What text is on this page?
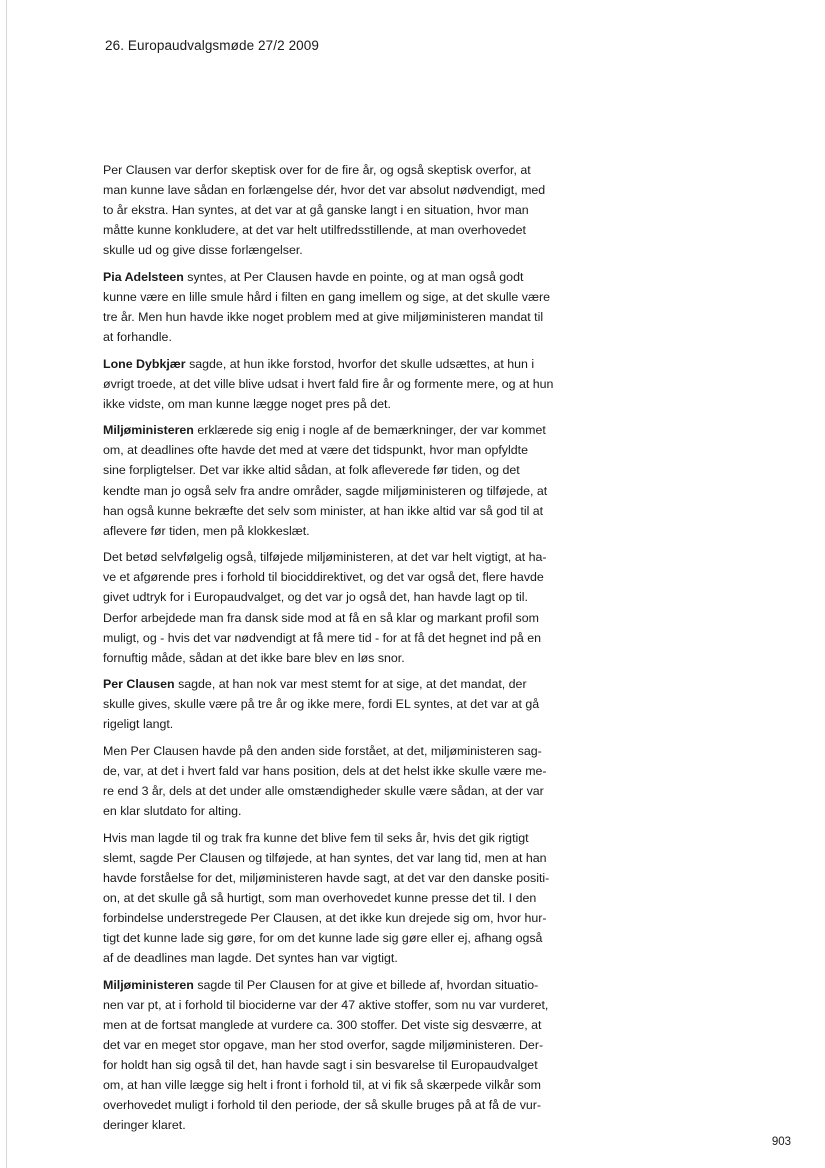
26. Europaudvalgsmøde 27/2 2009

Per Clausen var derfor skeptisk over for de fire år, og også skeptisk overfor, at
man kunne lave sådan en forlængelse dér, hvor det var absolut nødvendigt, med
to år ekstra. Han syntes, at det var at gå ganske langt i en situation, hvor man
måtte kunne konkludere, at det var helt utilfredsstillende, at man overhovedet
skulle ud og give disse forlængelser.

Pia Adelsteen syntes, at Per Clausen havde en pointe, og at man også godt
kunne være en lille smule hård i filten en gang imellem og sige, at det skulle være
tre år. Men hun havde ikke noget problem med at give miljøministeren mandat til
at forhandle.

Lone Dybkjær sagde, at hun ikke forstod, hvorfor det skulle udsættes, at hun i
øvrigt troede, at det ville blive udsat i hvert fald fire år og formente mere, og at hun
ikke vidste, om man kunne lægge noget pres på det.

Miljøministeren erklærede sig enig i nogle af de bemærkninger, der var kommet
om, at deadlines ofte havde det med at være det tidspunkt, hvor man opfyldte
sine forpligtelser. Det var ikke altid sådan, at folk afleverede før tiden, og det
kendte man jo også selv fra andre områder, sagde miljøministeren og tilføjede, at
han også kunne bekræfte det selv som minister, at han ikke altid var så god til at
aflevere før tiden, men på klokkeslæt.

Det betød selvfølgelig også, tilføjede miljøministeren, at det var helt vigtigt, at ha-
ve et afgørende pres i forhold til biociddirektivet, og det var også det, flere havde
givet udtryk for i Europaudvalget, og det var jo også det, han havde lagt op til.
Derfor arbejdede man fra dansk side mod at få en så klar og markant profil som
muligt, og - hvis det var nødvendigt at få mere tid - for at få det hegnet ind på en
fornuftig måde, sådan at det ikke bare blev en løs snor.

Per Clausen sagde, at han nok var mest stemt for at sige, at det mandat, der
skulle gives, skulle være på tre år og ikke mere, fordi EL syntes, at det var at gå
rigeligt langt.

Men Per Clausen havde på den anden side forstået, at det, miljøministeren sag-
de, var, at det i hvert fald var hans position, dels at det helst ikke skulle være me-
re end 3 år, dels at det under alle omstændigheder skulle være sådan, at der var
en klar slutdato for alting.

Hvis man lagde til og trak fra kunne det blive fem til seks år, hvis det gik rigtigt
slemt, sagde Per Clausen og tilføjede, at han syntes, det var lang tid, men at han
havde forståelse for det, miljøministeren havde sagt, at det var den danske positi-
on, at det skulle gå så hurtigt, som man overhovedet kunne presse det til. I den
forbindelse understregede Per Clausen, at det ikke kun drejede sig om, hvor hur-
tigt det kunne lade sig gøre, for om det kunne lade sig gøre eller ej, afhang også
af de deadlines man lagde. Det syntes han var vigtigt.

Miljøministeren sagde til Per Clausen for at give et billede af, hvordan situatio-
nen var pt, at i forhold til biociderne var der 47 aktive stoffer, som nu var vurderet,
men at de fortsat manglede at vurdere ca. 300 stoffer. Det viste sig desværre, at
det var en meget stor opgave, man her stod overfor, sagde miljøministeren. Der-
for holdt han sig også til det, han havde sagt i sin besvarelse til Europaudvalget
om, at han ville lægge sig helt i front i forhold til, at vi fik så skærpede vilkår som
overhovedet muligt i forhold til den periode, der så skulle bruges på at få de vur-
deringer klaret.

903
